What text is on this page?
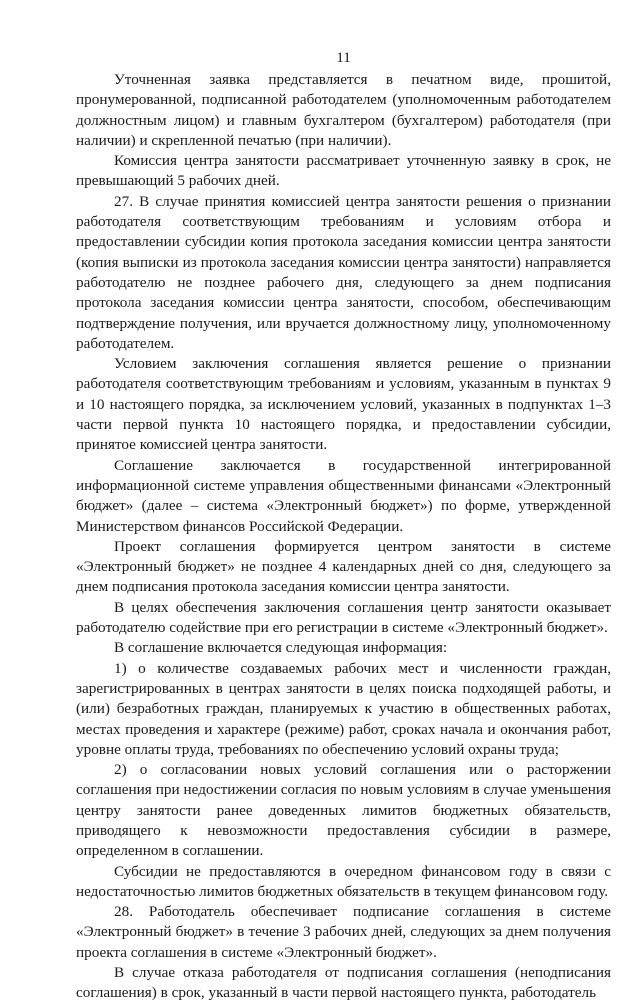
11

Уточненная заявка представляется в печатном виде, прошитой, пронумерованной, подписанной работодателем (уполномоченным работодателем должностным лицом) и главным бухгалтером (бухгалтером) работодателя (при наличии) и скрепленной печатью (при наличии).

Комиссия центра занятости рассматривает уточненную заявку в срок, не превышающий 5 рабочих дней.

27. В случае принятия комиссией центра занятости решения о признании работодателя соответствующим требованиям и условиям отбора и предоставлении субсидии копия протокола заседания комиссии центра занятости (копия выписки из протокола заседания комиссии центра занятости) направляется работодателю не позднее рабочего дня, следующего за днем подписания протокола заседания комиссии центра занятости, способом, обеспечивающим подтверждение получения, или вручается должностному лицу, уполномоченному работодателем.

Условием заключения соглашения является решение о признании работодателя соответствующим требованиям и условиям, указанным в пунктах 9 и 10 настоящего порядка, за исключением условий, указанных в подпунктах 1–3 части первой пункта 10 настоящего порядка, и предоставлении субсидии, принятое комиссией центра занятости.

Соглашение заключается в государственной интегрированной информационной системе управления общественными финансами «Электронный бюджет» (далее – система «Электронный бюджет») по форме, утвержденной Министерством финансов Российской Федерации.

Проект соглашения формируется центром занятости в системе «Электронный бюджет» не позднее 4 календарных дней со дня, следующего за днем подписания протокола заседания комиссии центра занятости.

В целях обеспечения заключения соглашения центр занятости оказывает работодателю содействие при его регистрации в системе «Электронный бюджет».

В соглашение включается следующая информация:

1) о количестве создаваемых рабочих мест и численности граждан, зарегистрированных в центрах занятости в целях поиска подходящей работы, и (или) безработных граждан, планируемых к участию в общественных работах, местах проведения и характере (режиме) работ, сроках начала и окончания работ, уровне оплаты труда, требованиях по обеспечению условий охраны труда;

2) о согласовании новых условий соглашения или о расторжении соглашения при недостижении согласия по новым условиям в случае уменьшения центру занятости ранее доведенных лимитов бюджетных обязательств, приводящего к невозможности предоставления субсидии в размере, определенном в соглашении.

Субсидии не предоставляются в очередном финансовом году в связи с недостаточностью лимитов бюджетных обязательств в текущем финансовом году.

28. Работодатель обеспечивает подписание соглашения в системе «Электронный бюджет» в течение 3 рабочих дней, следующих за днем получения проекта соглашения в системе «Электронный бюджет».

В случае отказа работодателя от подписания соглашения (неподписания соглашения) в срок, указанный в части первой настоящего пункта, работодатель
